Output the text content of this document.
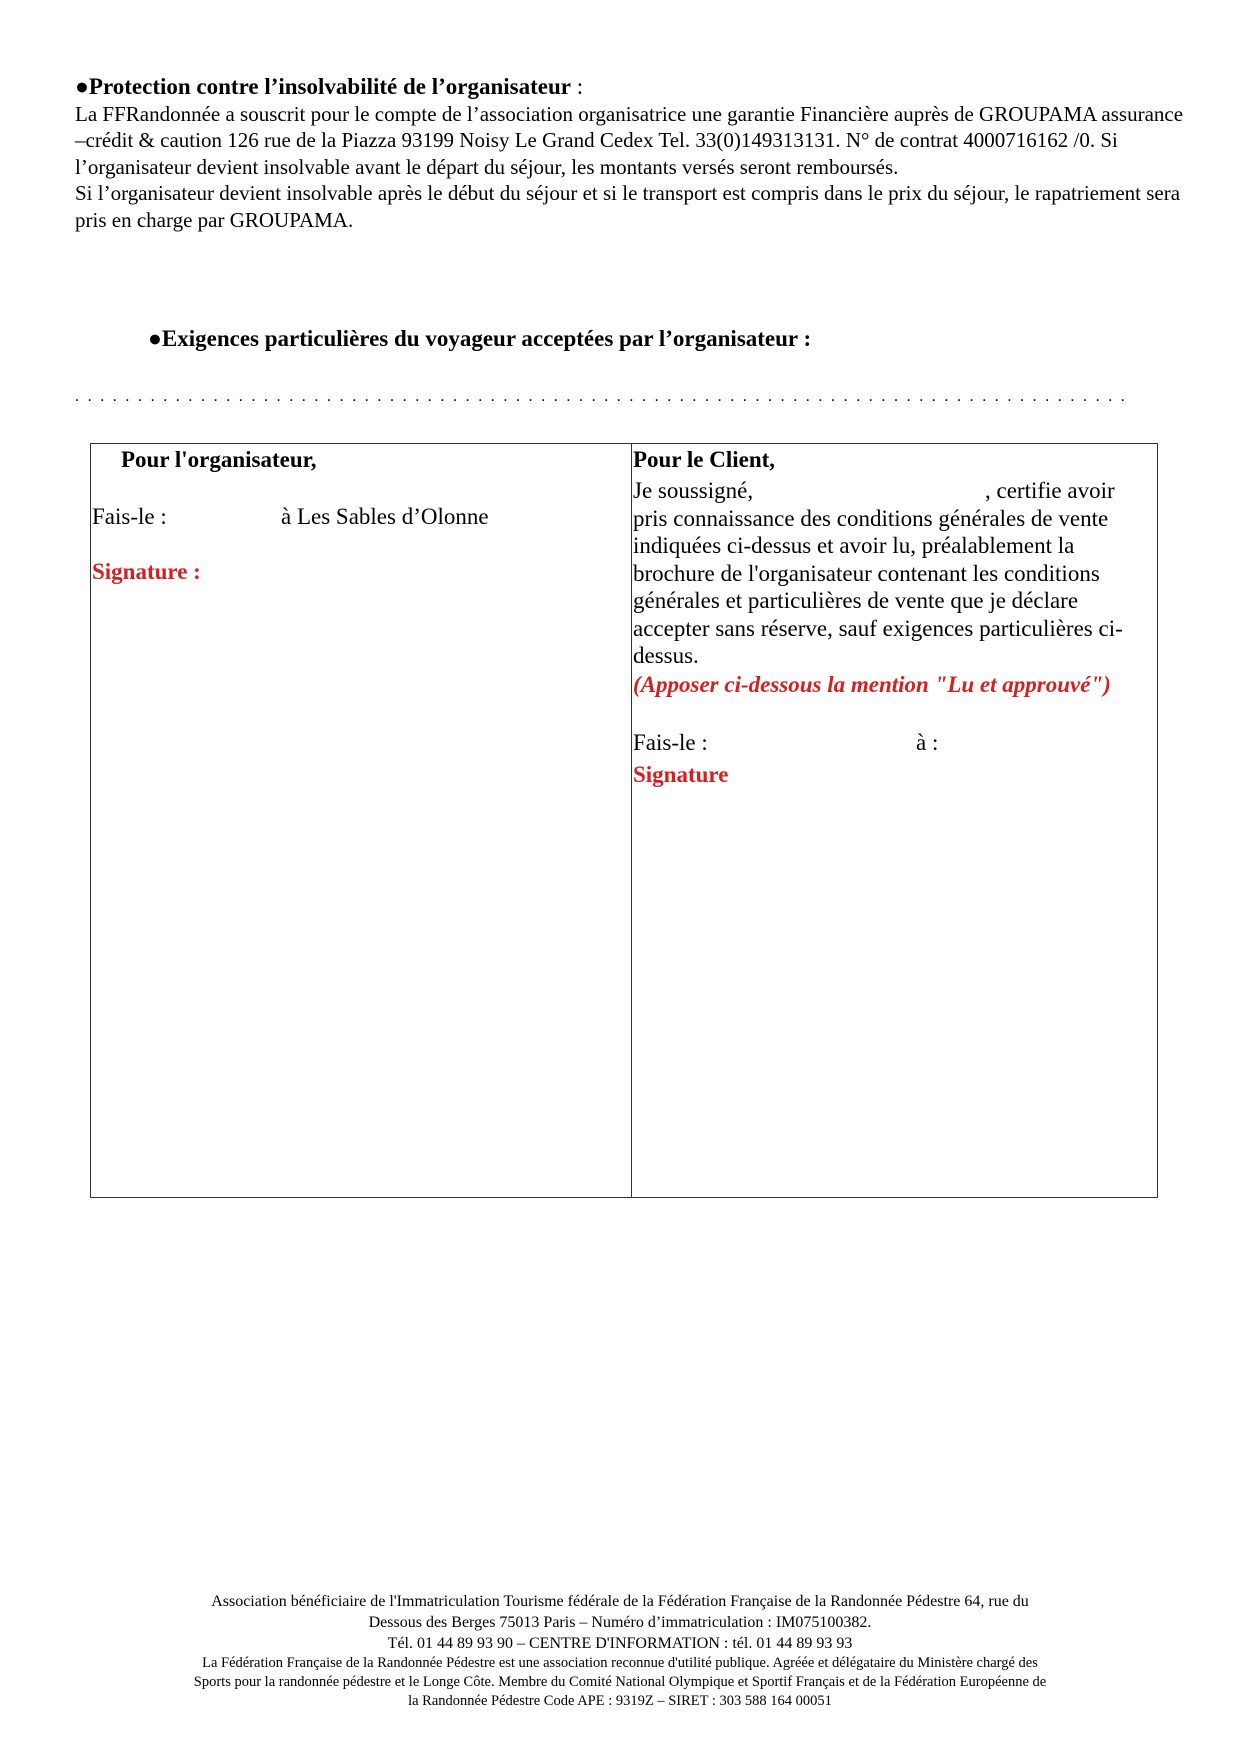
●Protection contre l’insolvabilité de l’organisateur :

La FFRandonnée a souscrit pour le compte de l’association organisatrice une garantie Financière auprès de GROUPAMA assurance –crédit & caution 126 rue de la Piazza 93199 Noisy Le Grand Cedex Tel. 33(0)149313131. N° de contrat 4000716162 /0. Si l’organisateur devient insolvable avant le départ du séjour, les montants versés seront remboursés.

Si l’organisateur devient insolvable après le début du séjour et si le transport est compris dans le prix du séjour, le rapatriement sera pris en charge par GROUPAMA.

●Exigences particulières du voyageur acceptées par l’organisateur :
. . . . . . . . . . . . . . . . . . . . . . . . . . . . . . . . . . . . . . . . . . . . . . . . . . . . . . . . . . . . . . . . . . . . . . . . . . . . . . . . . . . .
Pour l'organisateur,
Fais-le :	à Les Sables d’Olonne
Signature :
Pour le Client,
Je soussigné,	, certifie avoir
pris connaissance des conditions générales de vente indiquées ci-dessus et avoir lu, préalablement la brochure de l'organisateur contenant les conditions générales et particulières de vente que je déclare accepter sans réserve, sauf exigences particulières ci-dessus.
(Apposer ci-dessous la mention "Lu et approuvé")
Fais-le :	à :
Signature
Association bénéficiaire de l'Immatriculation Tourisme fédérale de la Fédération Française de la Randonnée Pédestre 64, rue du
Dessous des Berges 75013 Paris – Numéro d’immatriculation : IM075100382.
Tél. 01 44 89 93 90 – CENTRE D'INFORMATION : tél. 01 44 89 93 93
La Fédération Française de la Randonnée Pédestre est une association reconnue d'utilité publique. Agréée et délégataire du Ministère chargé des
Sports pour la randonnée pédestre et le Longe Côte. Membre du Comité National Olympique et Sportif Français et de la Fédération Européenne de
la Randonnée Pédestre Code APE : 9319Z – SIRET : 303 588 164 00051
